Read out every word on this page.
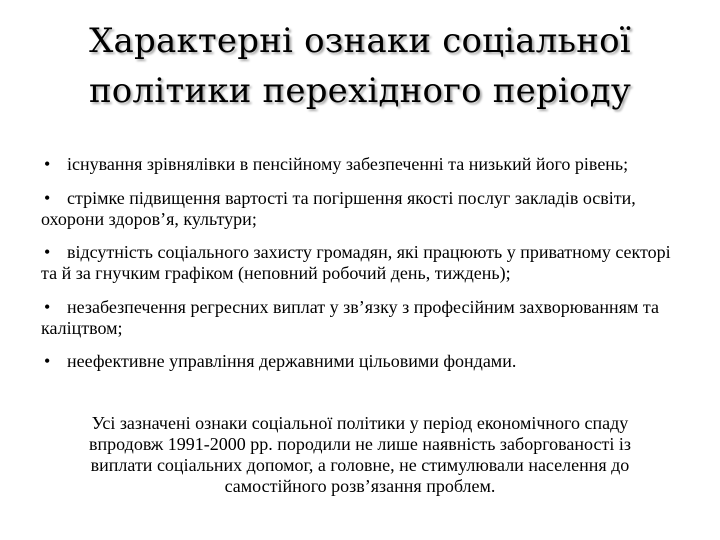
Характерні ознаки соціальної
політики перехідного періоду
• існування зрівнялівки в пенсійному забезпеченні та низький його рівень;
• стрімке підвищення вартості та погіршення якості послуг закладів освіти, охорони здоров’я, культури;
• відсутність соціального захисту громадян, які працюють у приватному секторі та й за гнучким графіком (неповний робочий день, тиждень);
• незабезпечення регресних виплат у зв’язку з професійним захворюванням та каліцтвом;
• неефективне управління державними цільовими фондами.
Усі зазначені ознаки соціальної політики у період економічного спаду
впродовж 1991-2000 рр. породили не лише наявність заборгованості із
виплати соціальних допомог, а головне, не стимулювали населення до
самостійного розв’язання проблем.
